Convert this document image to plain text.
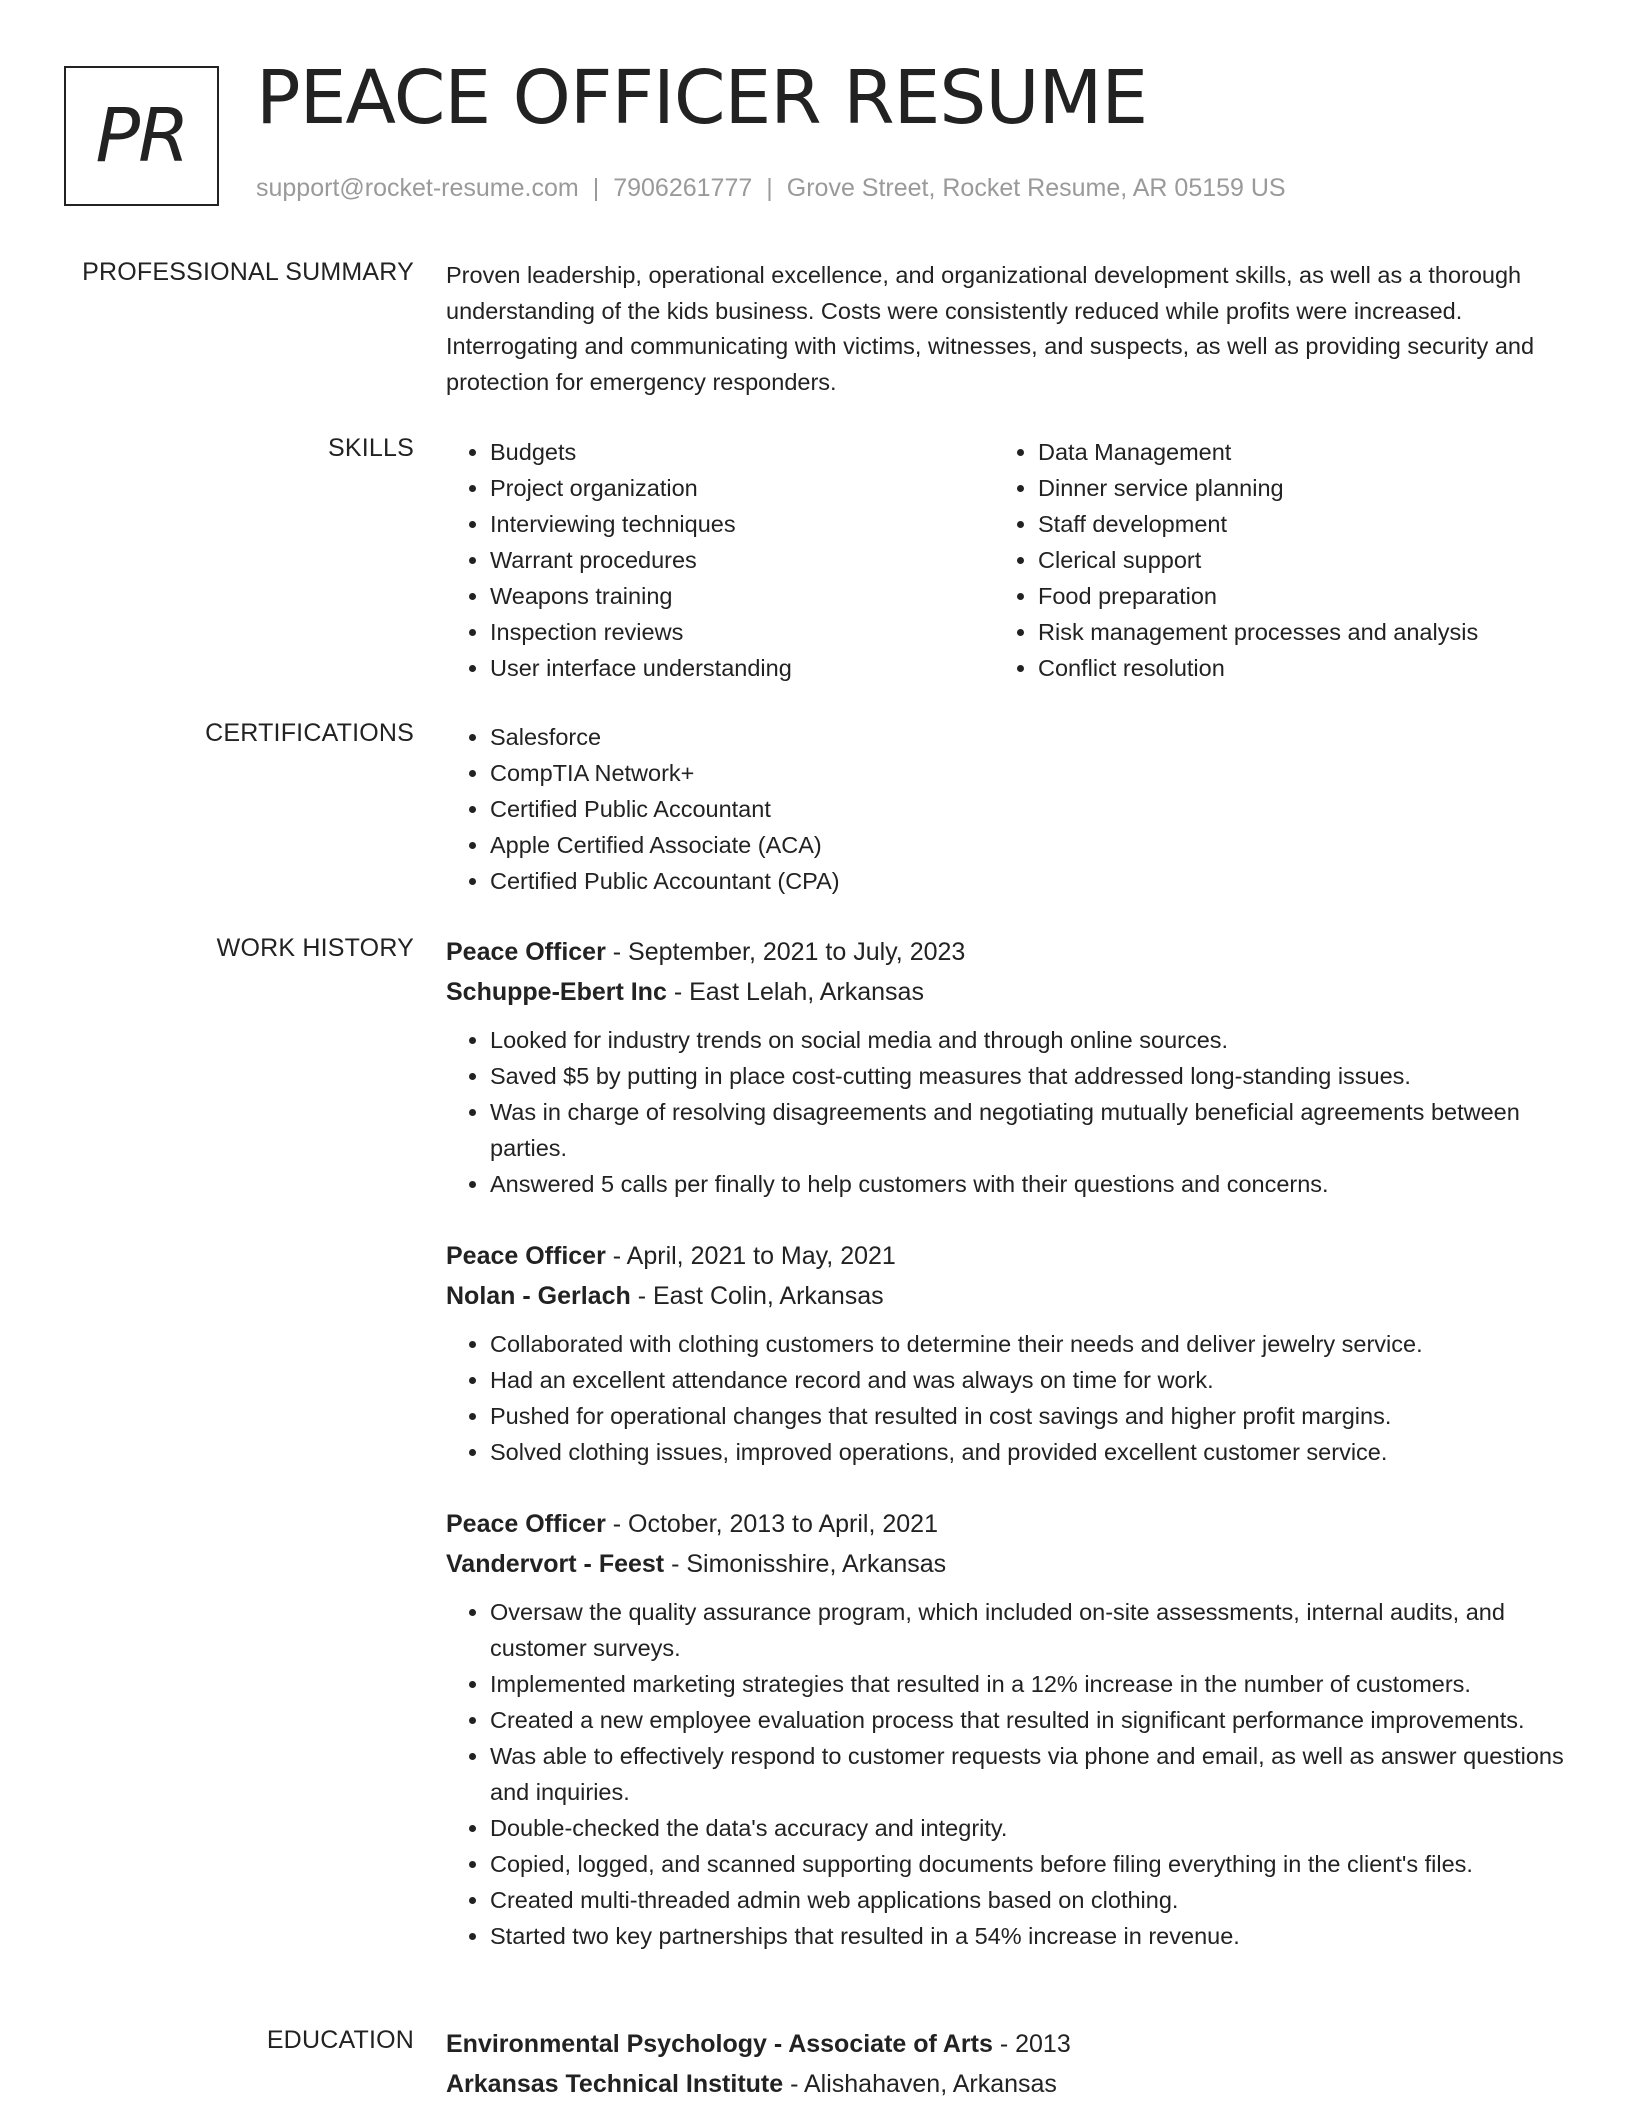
PR PEACE OFFICER RESUME
support@rocket-resume.com | 7906261777 | Grove Street, Rocket Resume, AR 05159 US
PROFESSIONAL SUMMARY Proven leadership, operational excellence, and organizational development skills, as well as a thorough understanding of the kids business. Costs were consistently reduced while profits were increased. Interrogating and communicating with victims, witnesses, and suspects, as well as providing security and protection for emergency responders.
SKILLS	• Budgets
• Project organization
• Interviewing techniques
• Warrant procedures
• Weapons training
• Inspection reviews
• User interface understanding
• Data Management
• Dinner service planning
• Staff development
• Clerical support
• Food preparation
• Risk management processes and analysis
• Conflict resolution
CERTIFICATIONS	• Salesforce
• CompTIA Network+
• Certified Public Accountant
• Apple Certified Associate (ACA)
• Certified Public Accountant (CPA)
WORK HISTORY Peace Officer - September, 2021 to July, 2023
Schuppe-Ebert Inc - East Lelah, Arkansas
• Looked for industry trends on social media and through online sources.
• Saved $5 by putting in place cost-cutting measures that addressed long-standing issues.
• Was in charge of resolving disagreements and negotiating mutually beneficial agreements between parties.
• Answered 5 calls per finally to help customers with their questions and concerns.
Peace Officer - April, 2021 to May, 2021
Nolan - Gerlach - East Colin, Arkansas
• Collaborated with clothing customers to determine their needs and deliver jewelry service.
• Had an excellent attendance record and was always on time for work.
• Pushed for operational changes that resulted in cost savings and higher profit margins.
• Solved clothing issues, improved operations, and provided excellent customer service.
Peace Officer - October, 2013 to April, 2021
Vandervort - Feest - Simonisshire, Arkansas
• Oversaw the quality assurance program, which included on-site assessments, internal audits, and customer surveys.
• Implemented marketing strategies that resulted in a 12% increase in the number of customers.
• Created a new employee evaluation process that resulted in significant performance improvements.
• Was able to effectively respond to customer requests via phone and email, as well as answer questions and inquiries.
• Double-checked the data's accuracy and integrity.
• Copied, logged, and scanned supporting documents before filing everything in the client's files.
• Created multi-threaded admin web applications based on clothing.
• Started two key partnerships that resulted in a 54% increase in revenue.
EDUCATION Environmental Psychology - Associate of Arts - 2013
Arkansas Technical Institute - Alishahaven, Arkansas
